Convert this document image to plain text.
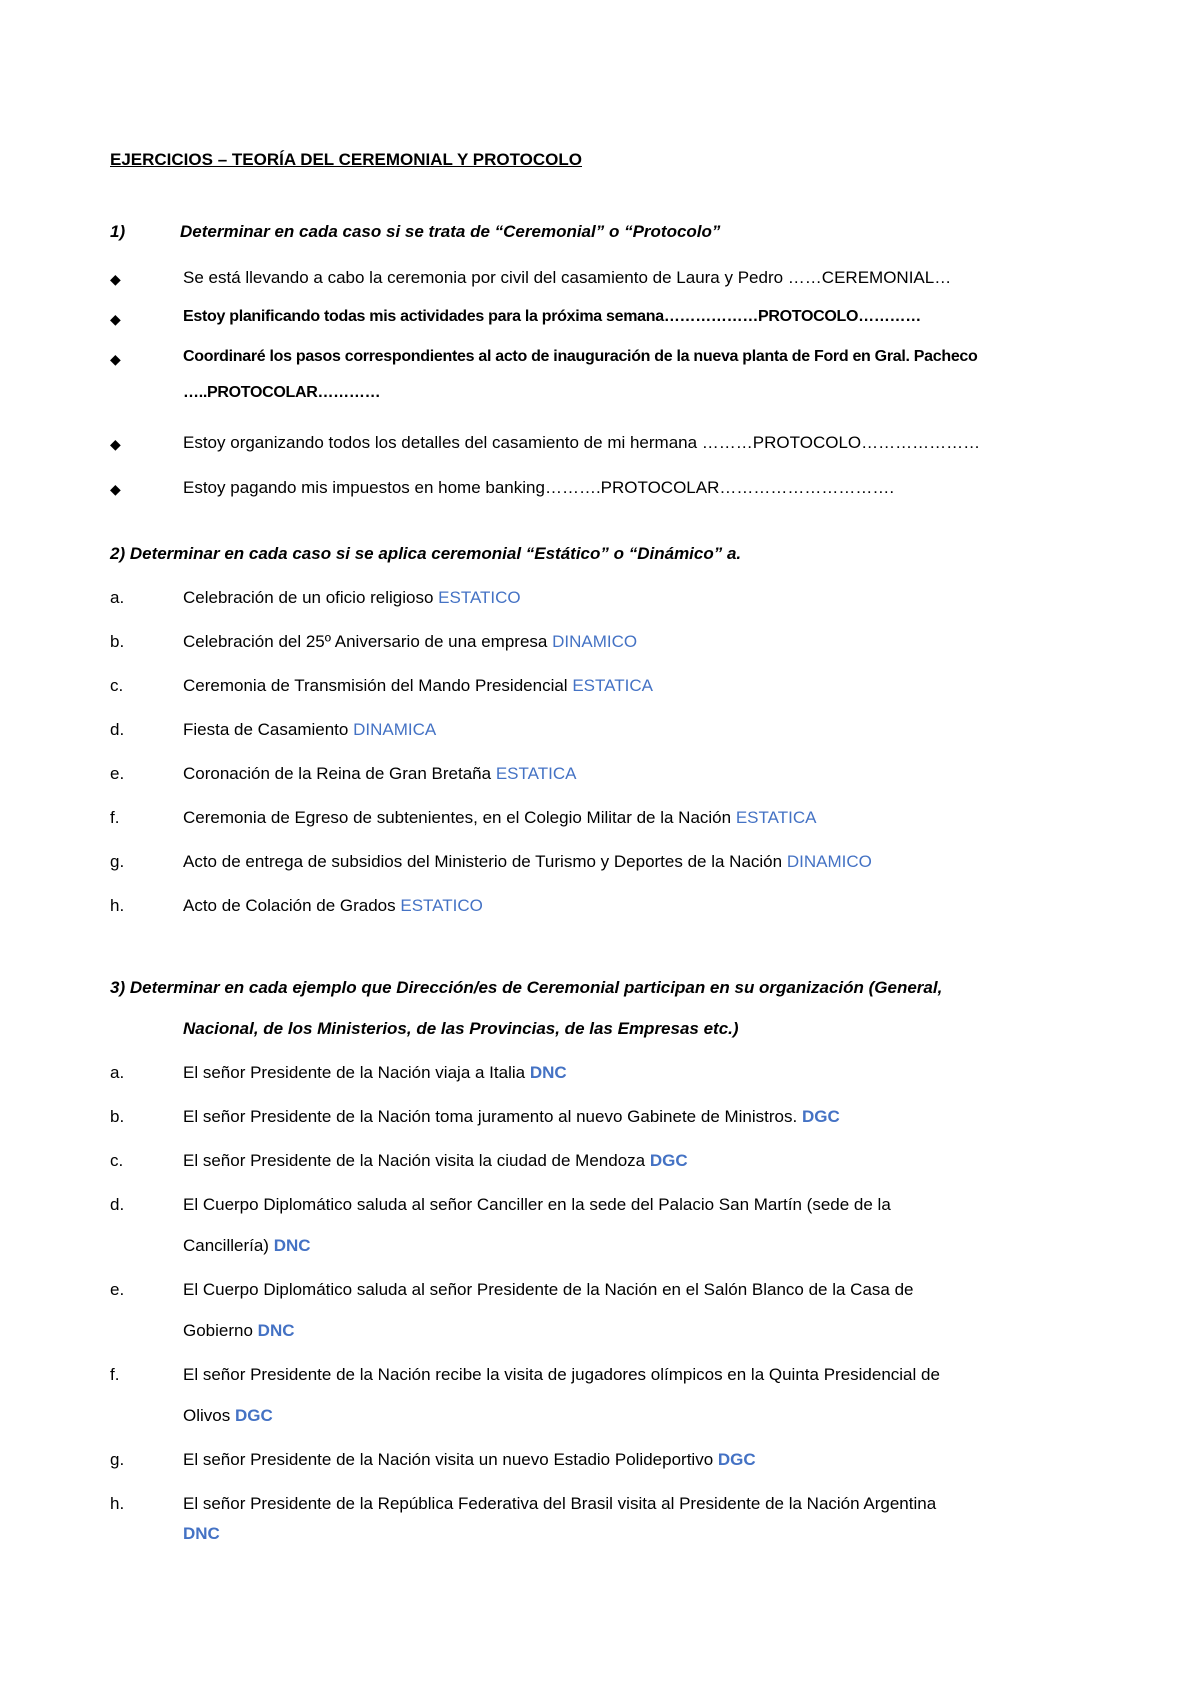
EJERCICIOS – TEORÍA DEL CEREMONIAL Y PROTOCOLO
1)	Determinar en cada caso si se trata de “Ceremonial” o “Protocolo”
◆	Se está llevando a cabo la ceremonia por civil del casamiento de Laura y Pedro ……CEREMONIAL…
◆	Estoy planificando todas mis actividades para la próxima semana………………PROTOCOLO…………
◆	Coordinaré los pasos correspondientes al acto de inauguración de la nueva planta de Ford en Gral. Pacheco
…..PROTOCOLAR…………
◆	Estoy organizando todos los detalles del casamiento de mi hermana ………PROTOCOLO…………………
◆	Estoy pagando mis impuestos en home banking……….PROTOCOLAR………………………….
2) Determinar en cada caso si se aplica ceremonial “Estático” o “Dinámico” a.
a.	Celebración de un oficio religioso ESTATICO
b.	Celebración del 25º Aniversario de una empresa DINAMICO
c.	Ceremonia de Transmisión del Mando Presidencial ESTATICA
d.	Fiesta de Casamiento DINAMICA
e.	Coronación de la Reina de Gran Bretaña ESTATICA
f.	Ceremonia de Egreso de subtenientes, en el Colegio Militar de la Nación ESTATICA
g.	Acto de entrega de subsidios del Ministerio de Turismo y Deportes de la Nación DINAMICO
h.	Acto de Colación de Grados ESTATICO
3) Determinar en cada ejemplo que Dirección/es de Ceremonial participan en su organización (General,
Nacional, de los Ministerios, de las Provincias, de las Empresas etc.)
a.	El señor Presidente de la Nación viaja a Italia DNC
b.	El señor Presidente de la Nación toma juramento al nuevo Gabinete de Ministros. DGC
c.	El señor Presidente de la Nación visita la ciudad de Mendoza DGC
d.	El Cuerpo Diplomático saluda al señor Canciller en la sede del Palacio San Martín (sede de la
Cancillería) DNC
e.	El Cuerpo Diplomático saluda al señor Presidente de la Nación en el Salón Blanco de la Casa de
Gobierno DNC
f.	El señor Presidente de la Nación recibe la visita de jugadores olímpicos en la Quinta Presidencial de
Olivos DGC
g.	El señor Presidente de la Nación visita un nuevo Estadio Polideportivo DGC
h.	El señor Presidente de la República Federativa del Brasil visita al Presidente de la Nación Argentina
DNC
